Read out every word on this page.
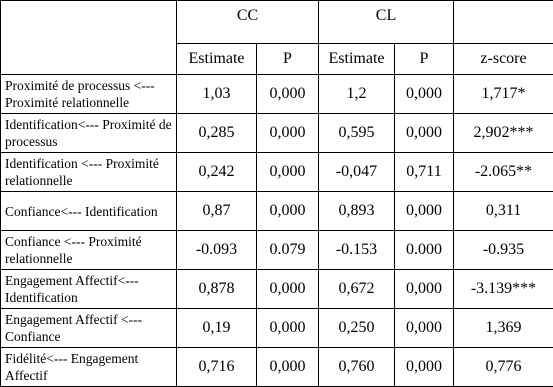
	CC		CL		
	Estimate	P	Estimate	P	z-score
Proximité de processus <--- Proximité relationnelle	1,03	0,000	1,2	0,000	1,717*
Identification<--- Proximité de processus	0,285	0,000	0,595	0,000	2,902***
Identification <--- Proximité relationnelle	0,242	0,000	-0,047	0,711	-2.065**
Confiance<--- Identification	0,87	0,000	0,893	0,000	0,311
Confiance <--- Proximité relationnelle	-0.093	0.079	-0.153	0.000	-0.935
Engagement Affectif<--- Identification	0,878	0,000	0,672	0,000	-3.139***
Engagement Affectif <--- Confiance	0,19	0,000	0,250	0,000	1,369
Fidélité<--- Engagement Affectif	0,716	0,000	0,760	0,000	0,776
